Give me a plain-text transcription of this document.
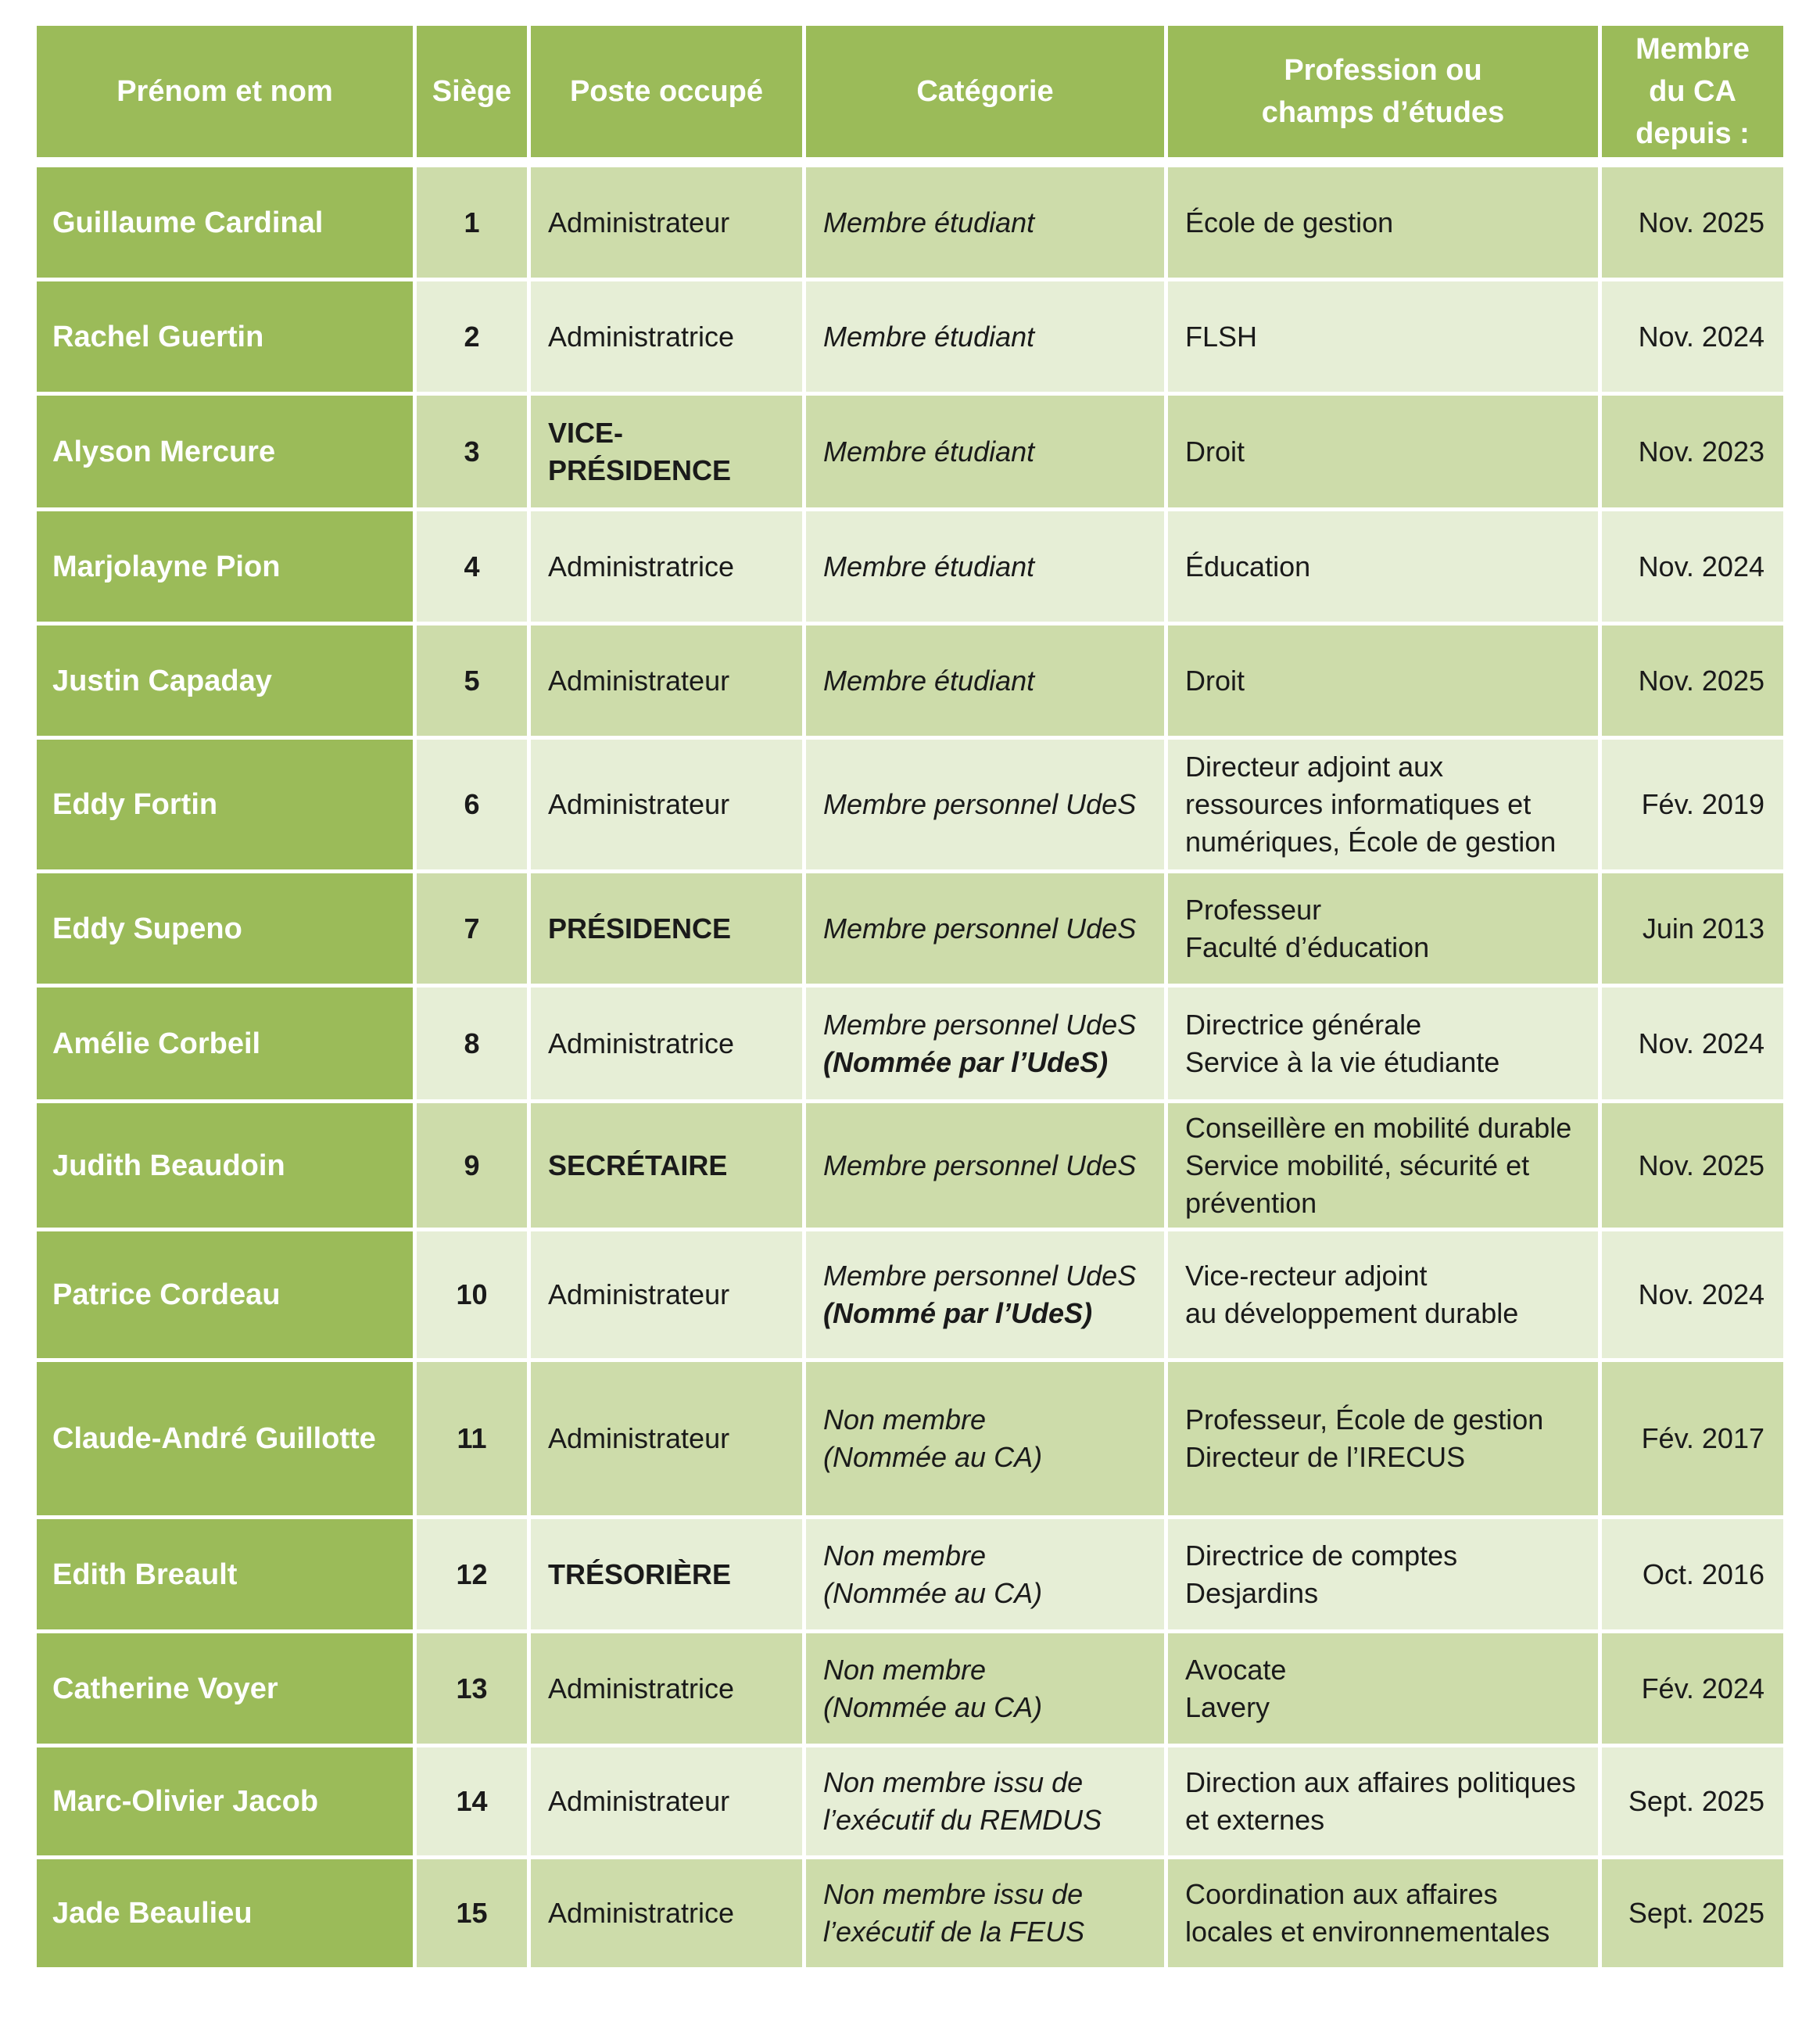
Prénom et nom	Siège	Poste occupé	Catégorie	Profession ou
champs d’études	Membre
du CA
depuis :

Guillaume Cardinal	1	Administrateur	Membre étudiant	École de gestion	Nov. 2025
Rachel Guertin	2	Administratrice	Membre étudiant	FLSH	Nov. 2024
Alyson Mercure	3	VICE-PRÉSIDENCE	Membre étudiant	Droit	Nov. 2023
Marjolayne Pion	4	Administratrice	Membre étudiant	Éducation	Nov. 2024
Justin Capaday	5	Administrateur	Membre étudiant	Droit	Nov. 2025
Eddy Fortin	6	Administrateur	Membre personnel UdeS	Directeur adjoint aux
ressources informatiques et
numériques, École de gestion	Fév. 2019
Eddy Supeno	7	PRÉSIDENCE	Membre personnel UdeS	Professeur
Faculté d’éducation	Juin 2013
Amélie Corbeil	8	Administratrice	Membre personnel UdeS
(Nommée par l’UdeS)	Directrice générale
Service à la vie étudiante	Nov. 2024
Judith Beaudoin	9	SECRÉTAIRE	Membre personnel UdeS	Conseillère en mobilité durable
Service mobilité, sécurité et
prévention	Nov. 2025
Patrice Cordeau	10	Administrateur	Membre personnel UdeS
(Nommé par l’UdeS)	Vice-recteur adjoint
au développement durable	Nov. 2024
Claude-André Guillotte	11	Administrateur	Non membre
(Nommée au CA)	Professeur, École de gestion
Directeur de l’IRECUS	Fév. 2017
Edith Breault	12	TRÉSORIÈRE	Non membre
(Nommée au CA)	Directrice de comptes
Desjardins	Oct. 2016
Catherine Voyer	13	Administratrice	Non membre
(Nommée au CA)	Avocate
Lavery	Fév. 2024
Marc-Olivier Jacob	14	Administrateur	Non membre issu de
l’exécutif du REMDUS	Direction aux affaires politiques
et externes	Sept. 2025
Jade Beaulieu	15	Administratrice	Non membre issu de
l’exécutif de la FEUS	Coordination aux affaires
locales et environnementales	Sept. 2025
